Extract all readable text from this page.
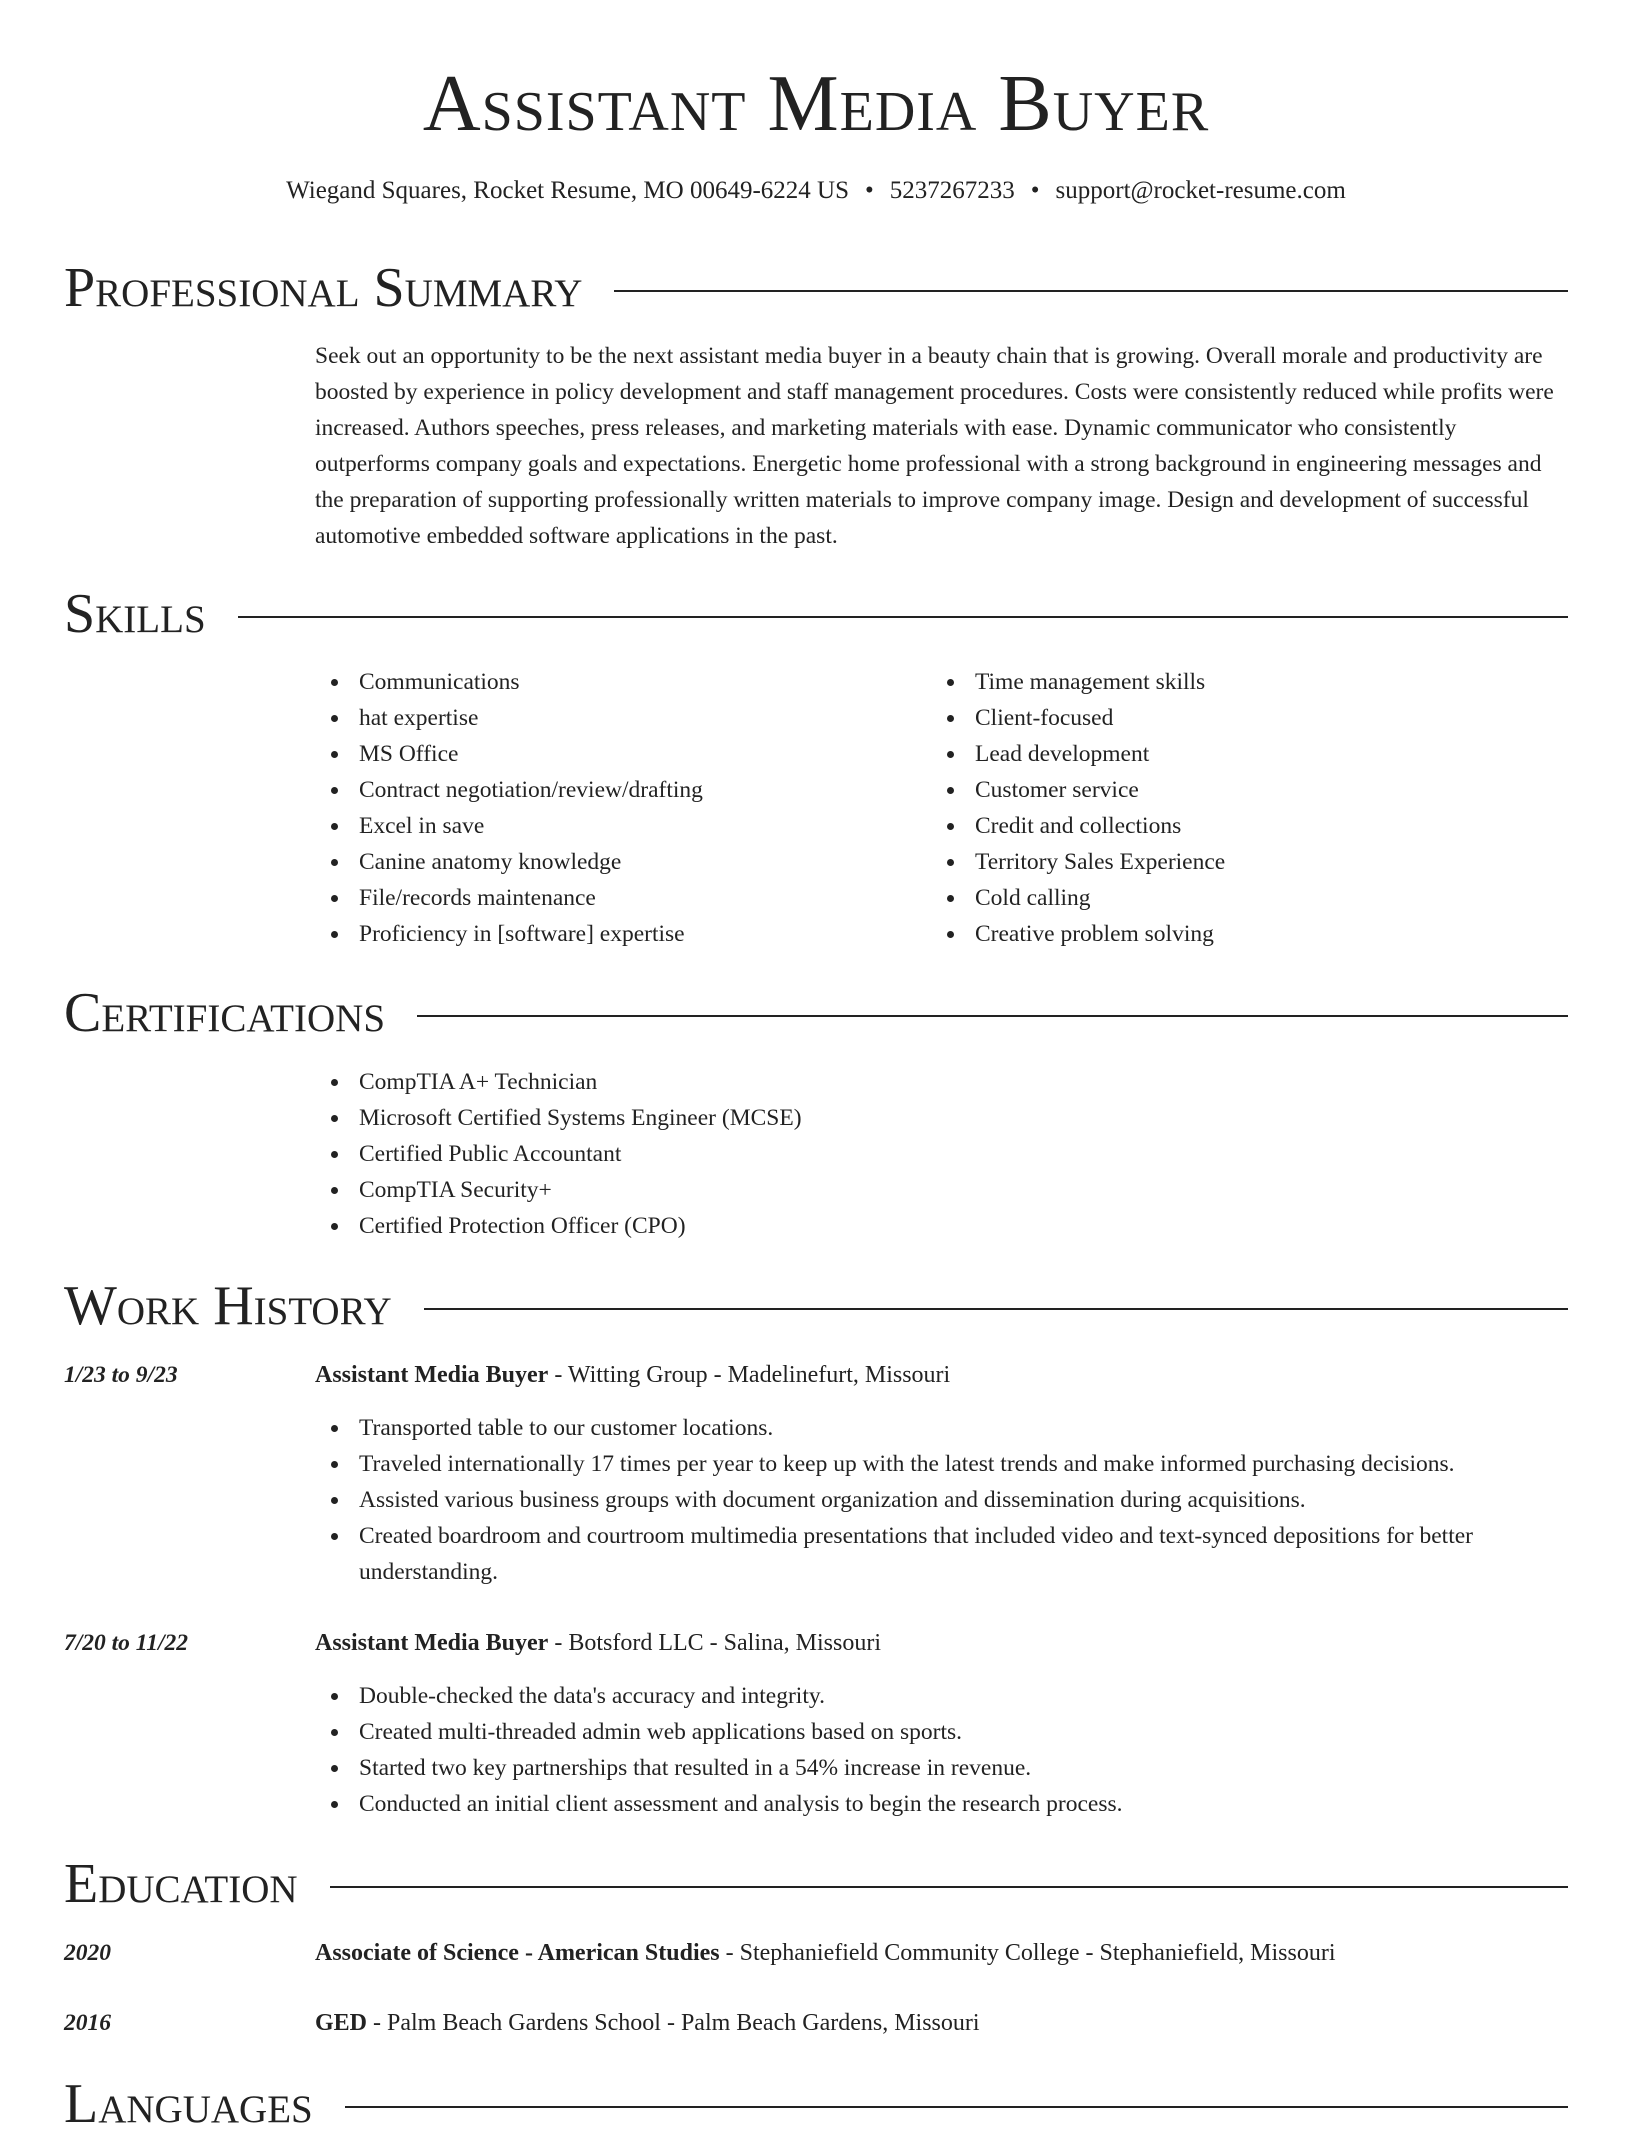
Assistant Media Buyer
Wiegand Squares, Rocket Resume, MO 00649-6224 US • 5237267233 • support@rocket-resume.com
Professional Summary

Seek out an opportunity to be the next assistant media buyer in a beauty chain that is growing. Overall morale and productivity are boosted by experience in policy development and staff management procedures. Costs were consistently reduced while profits were increased. Authors speeches, press releases, and marketing materials with ease. Dynamic communicator who consistently outperforms company goals and expectations. Energetic home professional with a strong background in engineering messages and the preparation of supporting professionally written materials to improve company image. Design and development of successful automotive embedded software applications in the past.

Skills
Communications
hat expertise
MS Office
Contract negotiation/review/drafting
Excel in save
Canine anatomy knowledge
File/records maintenance
Proficiency in [software] expertise
Time management skills
Client-focused
Lead development
Customer service
Credit and collections
Territory Sales Experience
Cold calling
Creative problem solving
Certifications
CompTIA A+ Technician
Microsoft Certified Systems Engineer (MCSE)
Certified Public Accountant
CompTIA Security+
Certified Protection Officer (CPO)
Work History
1/23 to 9/23	Assistant Media Buyer - Witting Group - Madelinefurt, Missouri
Transported table to our customer locations.
Traveled internationally 17 times per year to keep up with the latest trends and make informed purchasing decisions.
Assisted various business groups with document organization and dissemination during acquisitions.
Created boardroom and courtroom multimedia presentations that included video and text-synced depositions for better understanding.
7/20 to 11/22	Assistant Media Buyer - Botsford LLC - Salina, Missouri
Double-checked the data's accuracy and integrity.
Created multi-threaded admin web applications based on sports.
Started two key partnerships that resulted in a 54% increase in revenue.
Conducted an initial client assessment and analysis to begin the research process.
Education
2020	Associate of Science - American Studies - Stephaniefield Community College - Stephaniefield, Missouri
2016	GED - Palm Beach Gardens School - Palm Beach Gardens, Missouri
Languages
